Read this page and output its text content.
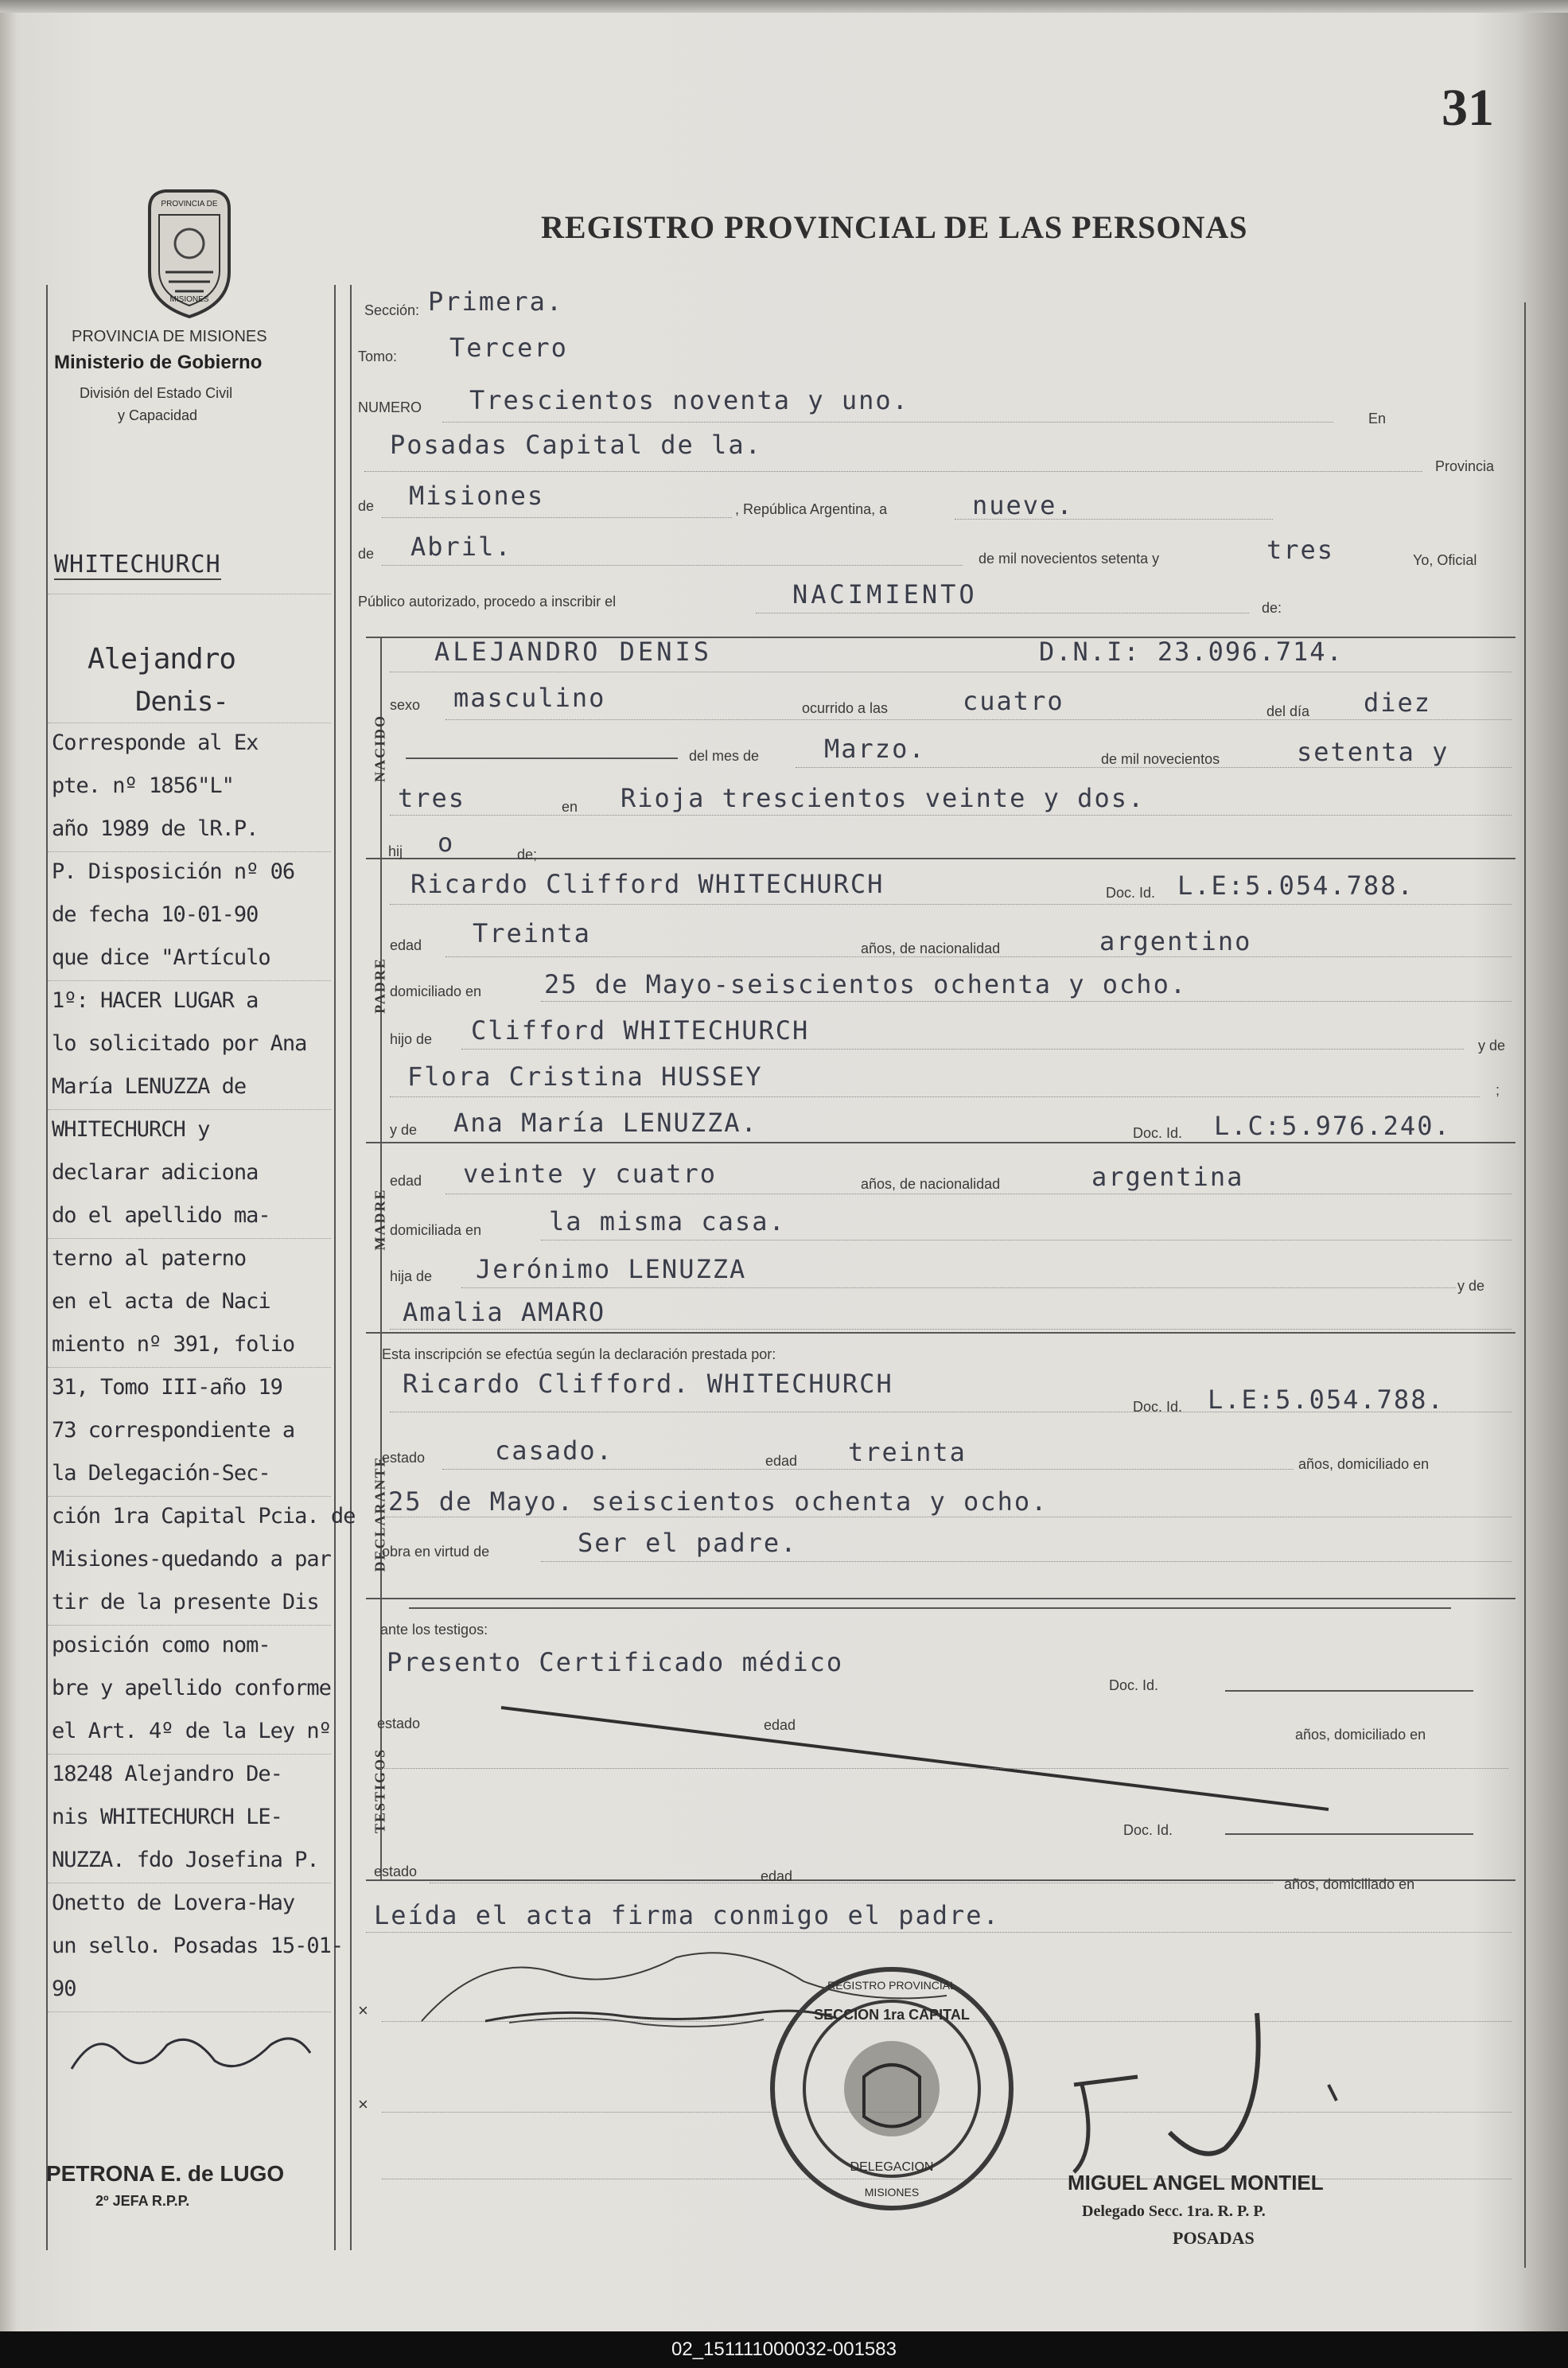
31
REGISTRO PROVINCIAL DE LAS PERSONAS
PROVINCIA DE
MISIONES
PROVINCIA DE MISIONES
Ministerio de Gobierno
División del Estado Civil
y Capacidad
NACIDO
PADRE
MADRE
DECLARANTE
TESTIGOS
Sección: Primera.
Tomo: Tercero
NUMERO Trescientos noventa y uno.
En
Posadas Capital de la.
Provincia
de Misiones	, República Argentina, a	nueve.
de Abril.	de mil novecientos setenta y	tres	Yo, Oficial
Público autorizado, procedo a inscribir el	NACIMIENTO	de:
ALEJANDRO DENIS	D.N.I: 23.096.714.
sexo masculino	ocurrido a las	cuatro	del día diez
del mes de	Marzo.	de mil novecientos	setenta y
tres	en Rioja trescientos veinte y dos.
hij o	de;
Ricardo Clifford WHITECHURCH	Doc. Id. L.E:5.054.788.
edad Treinta	años, de nacionalidad	argentino
domiciliado en 25 de Mayo-seiscientos ochenta y ocho.
hijo de Clifford WHITECHURCH	y de
Flora Cristina HUSSEY	;
y de Ana María LENUZZA.	Doc. Id. L.C:5.976.240.
edad veinte y cuatro	años, de nacionalidad	argentina
domiciliada en	la misma casa.
hija de Jerónimo LENUZZA
y de
Amalia AMARO
Esta inscripción se efectúa según la declaración prestada por:
Ricardo Clifford. WHITECHURCH
Doc. Id. L.E:5.054.788.
estado	casado.	edad treinta	años, domiciliado en
25 de Mayo. seiscientos ochenta y ocho.
obra en virtud de	Ser el padre.
ante los testigos:
Presento Certificado médico
Doc. Id.
estado	edad
años, domiciliado en
Doc. Id.
estado	edad	años, domiciliado en
Leída el acta firma conmigo el padre.
×
×
SECCION 1ra CAPITAL
REGISTRO PROVINCIAL
DELEGACION
MISIONES	MIGUEL ANGEL MONTIEL
Delegado Secc. 1ra. R. P. P.
POSADAS
WHITECHURCH
Alejandro
Denis-
Corresponde al Ex
pte. nº 1856"L"
año 1989 de lR.P.
P. Disposición nº 06
de fecha 10-01-90
que dice "Artículo
1º: HACER LUGAR a
lo solicitado por Ana
María LENUZZA de
WHITECHURCH y
declarar adiciona
do el apellido ma-
terno al paterno
en el acta de Naci
miento nº 391, folio
31, Tomo III-año 19
73 correspondiente a
la Delegación-Sec-
ción 1ra Capital Pcia. de
Misiones-quedando a par
tir de la presente Dis
posición como nom-
bre y apellido conforme
el Art. 4º de la Ley nº
18248 Alejandro De-
nis WHITECHURCH LE-
NUZZA. fdo Josefina P.
Onetto de Lovera-Hay
un sello. Posadas 15-01-
90
PETRONA E. de LUGO
2º JEFA R.P.P.
02_151111000032-001583
